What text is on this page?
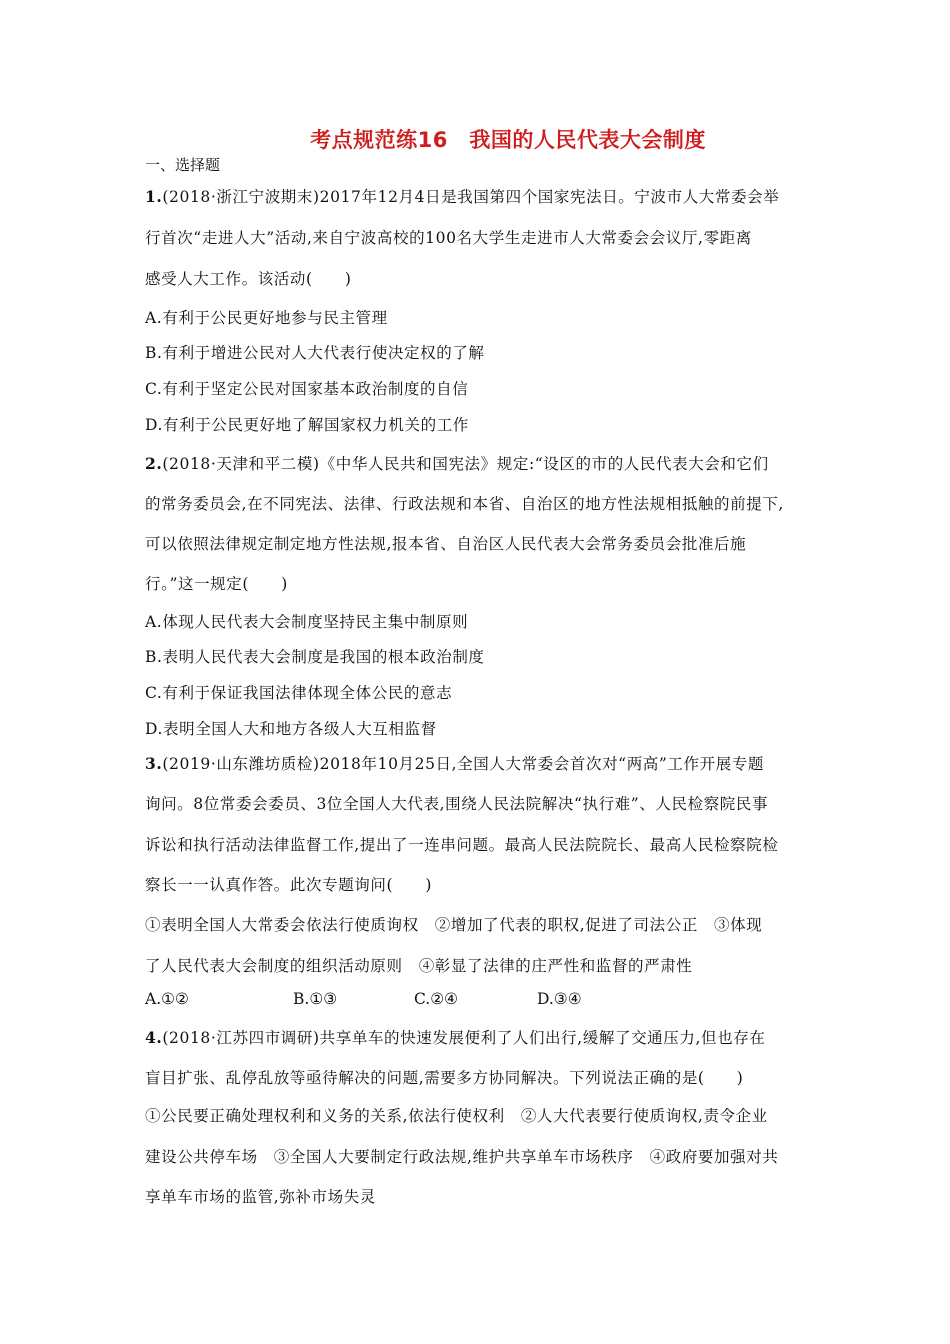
考点规范练16　我国的人民代表大会制度
一、选择题
1.(2018·浙江宁波期末)2017年12月4日是我国第四个国家宪法日。宁波市人大常委会举
行首次“走进人大”活动,来自宁波高校的100名大学生走进市人大常委会会议厅,零距离
感受人大工作。该活动(　　)
A.有利于公民更好地参与民主管理
B.有利于增进公民对人大代表行使决定权的了解
C.有利于坚定公民对国家基本政治制度的自信
D.有利于公民更好地了解国家权力机关的工作
2.(2018·天津和平二模)《中华人民共和国宪法》规定:“设区的市的人民代表大会和它们
的常务委员会,在不同宪法、法律、行政法规和本省、自治区的地方性法规相抵触的前提下,
可以依照法律规定制定地方性法规,报本省、自治区人民代表大会常务委员会批准后施
行。”这一规定(　　)
A.体现人民代表大会制度坚持民主集中制原则
B.表明人民代表大会制度是我国的根本政治制度
C.有利于保证我国法律体现全体公民的意志
D.表明全国人大和地方各级人大互相监督
3.(2019·山东潍坊质检)2018年10月25日,全国人大常委会首次对“两高”工作开展专题
询问。8位常委会委员、3位全国人大代表,围绕人民法院解决“执行难”、人民检察院民事
诉讼和执行活动法律监督工作,提出了一连串问题。最高人民法院院长、最高人民检察院检
察长一一认真作答。此次专题询问(　　)
①表明全国人大常委会依法行使质询权　②增加了代表的职权,促进了司法公正　③体现
了人民代表大会制度的组织活动原则　④彰显了法律的庄严性和监督的严肃性
A.①②	B.①③	C.②④	D.③④
4.(2018·江苏四市调研)共享单车的快速发展便利了人们出行,缓解了交通压力,但也存在
盲目扩张、乱停乱放等亟待解决的问题,需要多方协同解决。下列说法正确的是(　　)
①公民要正确处理权利和义务的关系,依法行使权利　②人大代表要行使质询权,责令企业
建设公共停车场　③全国人大要制定行政法规,维护共享单车市场秩序　④政府要加强对共
享单车市场的监管,弥补市场失灵
